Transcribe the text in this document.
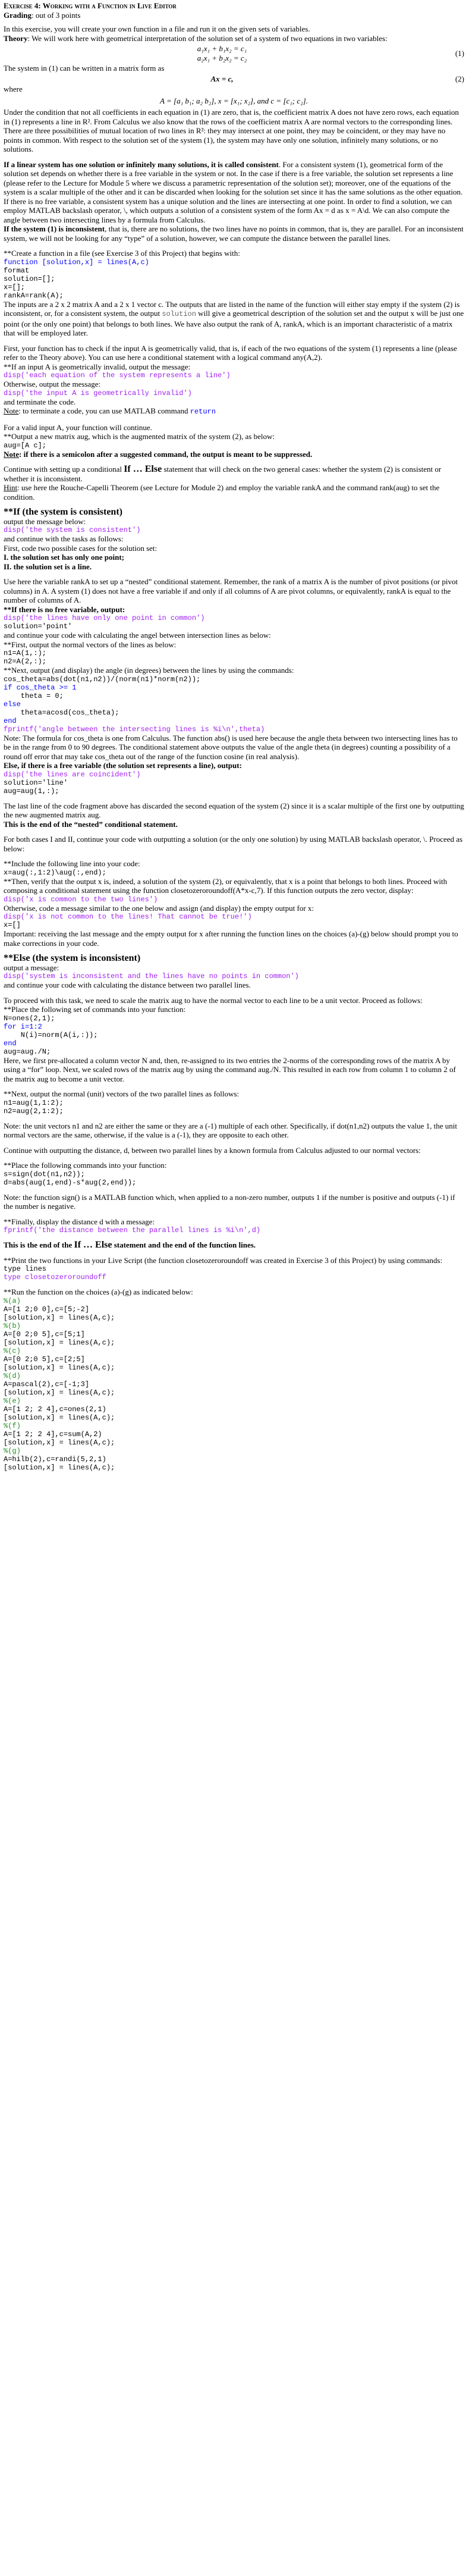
Exercise 4: Working with a Function in Live Editor
Grading: out of 3 points
In this exercise, you will create your own function in a file and run it on the given sets of variables.
Theory: We will work here with geometrical interpretation of the solution set of a system of two equations in two variables:
a₁x₁ + b₁x₂ = c₁
a₂x₁ + b₂x₂ = c₂
(1)
The system in (1) can be written in a matrix form as
Ax = c,	(2)
where
A = [a₁ b₁; a₂ b₂], x = [x₁; x₂], and c = [c₁; c₂].
Under the condition that not all coefficients in each equation in (1) are zero, that is, the coefficient matrix A does not have zero rows, each equation in (1) represents a line in R². From Calculus we also know that the rows of the coefficient matrix A are normal vectors to the corresponding lines.
There are three possibilities of mutual location of two lines in R²: they may intersect at one point, they may be coincident, or they may have no points in common. With respect to the solution set of the system (1), the system may have only one solution, infinitely many solutions, or no solutions.
If a linear system has one solution or infinitely many solutions, it is called consistent. For a consistent system (1), geometrical form of the solution set depends on whether there is a free variable in the system or not. In the case if there is a free variable, the solution set represents a line (please refer to the Lecture for Module 5 where we discuss a parametric representation of the solution set); moreover, one of the equations of the system is a scalar multiple of the other and it can be discarded when looking for the solution set since it has the same solutions as the other equation. If there is no free variable, a consistent system has a unique solution and the lines are intersecting at one point. In order to find a solution, we can employ MATLAB backslash operator, \, which outputs a solution of a consistent system of the form Ax = d as x = A\d. We can also compute the angle between two intersecting lines by a formula from Calculus.
If the system (1) is inconsistent, that is, there are no solutions, the two lines have no points in common, that is, they are parallel. For an inconsistent system, we will not be looking for any “type” of a solution, however, we can compute the distance between the parallel lines.
**Create a function in a file (see Exercise 3 of this Project) that begins with:
function [solution,x] = lines(A,c)
format
solution=[];
x=[];
rankA=rank(A);
The inputs are a 2 x 2 matrix A and a 2 x 1 vector c. The outputs that are listed in the name of the function will either stay empty if the system (2) is inconsistent, or, for a consistent system, the output solution will give a geometrical description of the solution set and the output x will be just one point (or the only one point) that belongs to both lines. We have also output the rank of A, rankA, which is an important characteristic of a matrix that will be employed later.
First, your function has to check if the input A is geometrically valid, that is, if each of the two equations of the system (1) represents a line (please refer to the Theory above). You can use here a conditional statement with a logical command any(A,2).
**If an input A is geometrically invalid, output the message:
disp('each equation of the system represents a line')
Otherwise, output the message:
disp('the input A is geometrically invalid')
and terminate the code.
Note: to terminate a code, you can use MATLAB command return
For a valid input A, your function will continue.
**Output a new matrix aug, which is the augmented matrix of the system (2), as below:
aug=[A c];
Note: if there is a semicolon after a suggested command, the output is meant to be suppressed.
Continue with setting up a conditional If … Else statement that will check on the two general cases: whether the system (2) is consistent or whether it is inconsistent.
Hint: use here the Rouche-Capelli Theorem (see Lecture for Module 2) and employ the variable rankA and the command rank(aug) to set the condition.
**If (the system is consistent)
output the message below:
disp('the system is consistent')
and continue with the tasks as follows:
First, code two possible cases for the solution set:
I. the solution set has only one point;
II. the solution set is a line.
Use here the variable rankA to set up a “nested” conditional statement. Remember, the rank of a matrix A is the number of pivot positions (or pivot columns) in A. A system (1) does not have a free variable if and only if all columns of A are pivot columns, or equivalently, rankA is equal to the number of columns of A.
**If there is no free variable, output:
disp('the lines have only one point in common')
solution='point'
and continue your code with calculating the angel between intersection lines as below:
**First, output the normal vectors of the lines as below:
n1=A(1,:);
n2=A(2,:);
**Next, output (and display) the angle (in degrees) between the lines by using the commands:
cos_theta=abs(dot(n1,n2))/(norm(n1)*norm(n2));
if cos_theta >= 1
theta = 0;
else
theta=acosd(cos_theta);
end
fprintf('angle between the intersecting lines is %i\n',theta)
Note: The formula for cos_theta is one from Calculus. The function abs() is used here because the angle theta between two intersecting lines has to be in the range from 0 to 90 degrees. The conditional statement above outputs the value of the angle theta (in degrees) counting a possibility of a round off error that may take cos_theta out of the range of the function cosine (in real analysis).
Else, if there is a free variable (the solution set represents a line), output:
disp('the lines are coincident')
solution='line'
aug=aug(1,:);
The last line of the code fragment above has discarded the second equation of the system (2) since it is a scalar multiple of the first one by outputting the new augmented matrix aug.
This is the end of the “nested” conditional statement.
For both cases I and II, continue your code with outputting a solution (or the only one solution) by using MATLAB backslash operator, \. Proceed as below:
**Include the following line into your code:
x=aug(:,1:2)\aug(:,end);
**Then, verify that the output x is, indeed, a solution of the system (2), or equivalently, that x is a point that belongs to both lines. Proceed with composing a conditional statement using the function closetozeroroundoff(A*x-c,7). If this function outputs the zero vector, display:
disp('x is common to the two lines')
Otherwise, code a message similar to the one below and assign (and display) the empty output for x:
disp('x is not common to the lines! That cannot be true!')
x=[]
Important: receiving the last message and the empty output for x after running the function lines on the choices (a)-(g) below should prompt you to make corrections in your code.
**Else (the system is inconsistent)
output a message:
disp('system is inconsistent and the lines have no points in common')
and continue your code with calculating the distance between two parallel lines.
To proceed with this task, we need to scale the matrix aug to have the normal vector to each line to be a unit vector. Proceed as follows:
**Place the following set of commands into your function:
N=ones(2,1);
for i=1:2
N(i)=norm(A(i,:));
end
aug=aug./N;
Here, we first pre-allocated a column vector N and, then, re-assigned to its two entries the 2-norms of the corresponding rows of the matrix A by using a “for” loop. Next, we scaled rows of the matrix aug by using the command aug./N. This resulted in each row from column 1 to column 2 of the matrix aug to become a unit vector.
**Next, output the normal (unit) vectors of the two parallel lines as follows:
n1=aug(1,1:2);
n2=aug(2,1:2);
Note: the unit vectors n1 and n2 are either the same or they are a (-1) multiple of each other. Specifically, if dot(n1,n2) outputs the value 1, the unit normal vectors are the same, otherwise, if the value is a (-1), they are opposite to each other.
Continue with outputting the distance, d, between two parallel lines by a known formula from Calculus adjusted to our normal vectors:
**Place the following commands into your function:
s=sign(dot(n1,n2));
d=abs(aug(1,end)-s*aug(2,end));
Note: the function sign() is a MATLAB function which, when applied to a non-zero number, outputs 1 if the number is positive and outputs (-1) if the number is negative.
**Finally, display the distance d with a message:
fprintf('the distance between the parallel lines is %i\n',d)
This is the end of the If … Else statement and the end of the function lines.
**Print the two functions in your Live Script (the function closetozeroroundoff was created in Exercise 3 of this Project) by using commands:
type lines
type closetozeroroundoff
**Run the function on the choices (a)-(g) as indicated below:
%(a)
A=[1 2;0 0],c=[5;-2]
[solution,x] = lines(A,c);
%(b)
A=[0 2;0 5],c=[5;1]
[solution,x] = lines(A,c);
%(c)
A=[0 2;0 5],c=[2;5]
[solution,x] = lines(A,c);
%(d)
A=pascal(2),c=[-1;3]
[solution,x] = lines(A,c);
%(e)
A=[1 2; 2 4],c=ones(2,1)
[solution,x] = lines(A,c);
%(f)
A=[1 2; 2 4],c=sum(A,2)
[solution,x] = lines(A,c);
%(g)
A=hilb(2),c=randi(5,2,1)
[solution,x] = lines(A,c);
